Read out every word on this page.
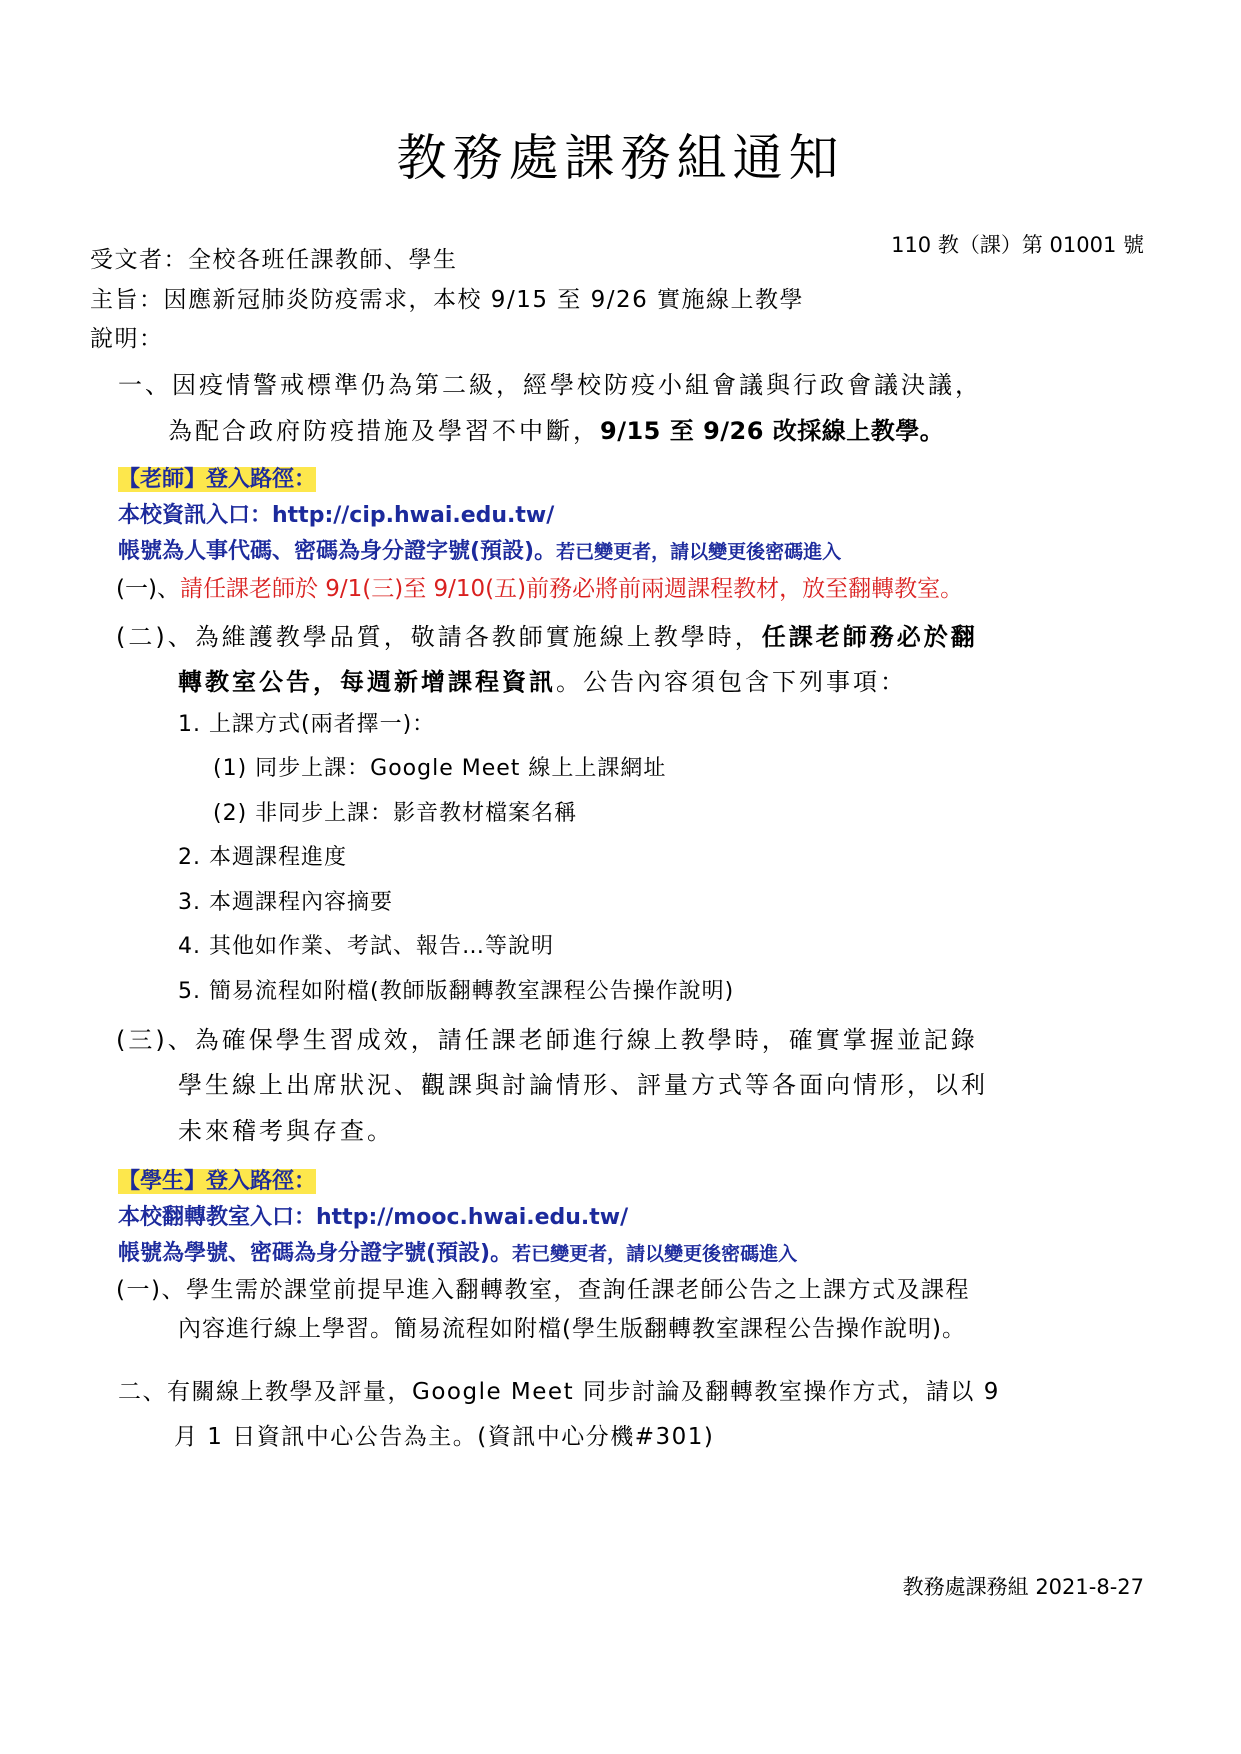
教務處課務組通知
110 教（課）第 01001 號
受文者：全校各班任課教師、學生
主旨：因應新冠肺炎防疫需求，本校 9/15 至 9/26 實施線上教學
說明：
一、因疫情警戒標準仍為第二級，經學校防疫小組會議與行政會議決議，
為配合政府防疫措施及學習不中斷，9/15 至 9/26 改採線上教學。
【老師】登入路徑：
本校資訊入口：http://cip.hwai.edu.tw/
帳號為人事代碼、密碼為身分證字號(預設)。若已變更者，請以變更後密碼進入
(一)、請任課老師於 9/1(三)至 9/10(五)前務必將前兩週課程教材，放至翻轉教室。
(二)、為維護教學品質，敬請各教師實施線上教學時，任課老師務必於翻
轉教室公告，每週新增課程資訊。公告內容須包含下列事項：
1. 上課方式(兩者擇一)：
(1) 同步上課：Google Meet 線上上課網址
(2) 非同步上課：影音教材檔案名稱
2. 本週課程進度
3. 本週課程內容摘要
4. 其他如作業、考試、報告…等說明
5. 簡易流程如附檔(教師版翻轉教室課程公告操作說明)
(三)、為確保學生習成效，請任課老師進行線上教學時，確實掌握並記錄
學生線上出席狀況、觀課與討論情形、評量方式等各面向情形，以利
未來稽考與存查。
【學生】登入路徑：
本校翻轉教室入口：http://mooc.hwai.edu.tw/
帳號為學號、密碼為身分證字號(預設)。若已變更者，請以變更後密碼進入
(一)、學生需於課堂前提早進入翻轉教室，查詢任課老師公告之上課方式及課程
內容進行線上學習。簡易流程如附檔(學生版翻轉教室課程公告操作說明)。
二、有關線上教學及評量，Google Meet 同步討論及翻轉教室操作方式，請以 9
月 1 日資訊中心公告為主。(資訊中心分機#301)
教務處課務組 2021-8-27
